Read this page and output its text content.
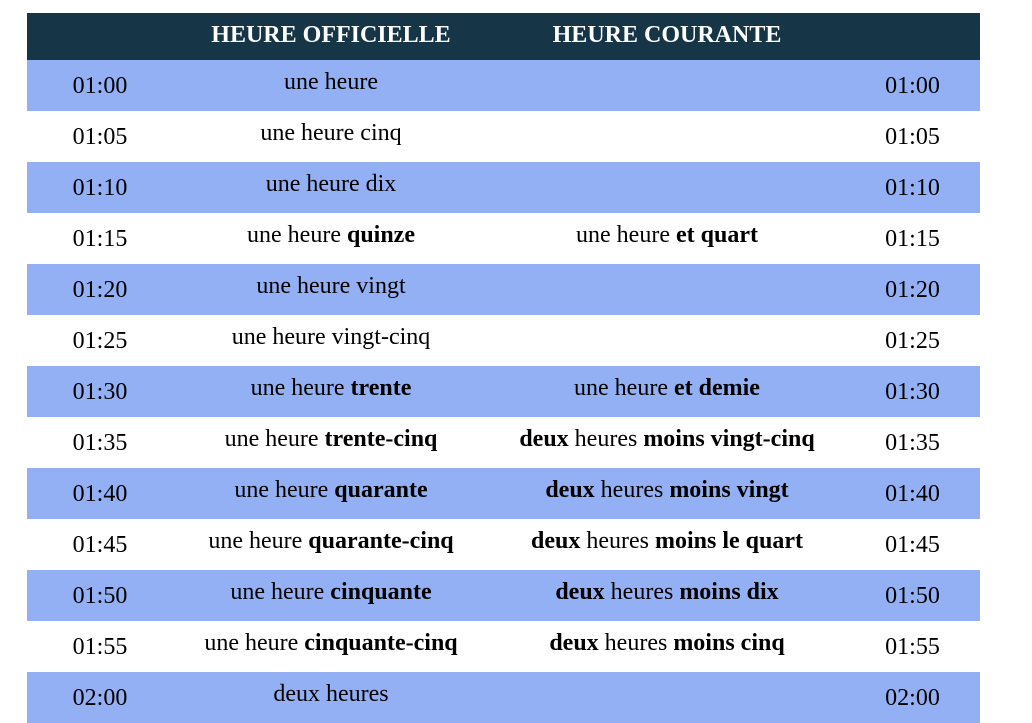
	HEURE OFFICIELLE	HEURE COURANTE	
01:00	une heure		01:00
01:05	une heure cinq		01:05
01:10	une heure dix		01:10
01:15	une heure quinze	une heure et quart	01:15
01:20	une heure vingt		01:20
01:25	une heure vingt-cinq		01:25
01:30	une heure trente	une heure et demie	01:30
01:35	une heure trente-cinq	deux heures moins vingt-cinq	01:35
01:40	une heure quarante	deux heures moins vingt	01:40
01:45	une heure quarante-cinq	deux heures moins le quart	01:45
01:50	une heure cinquante	deux heures moins dix	01:50
01:55	une heure cinquante-cinq	deux heures moins cinq	01:55
02:00	deux heures		02:00
